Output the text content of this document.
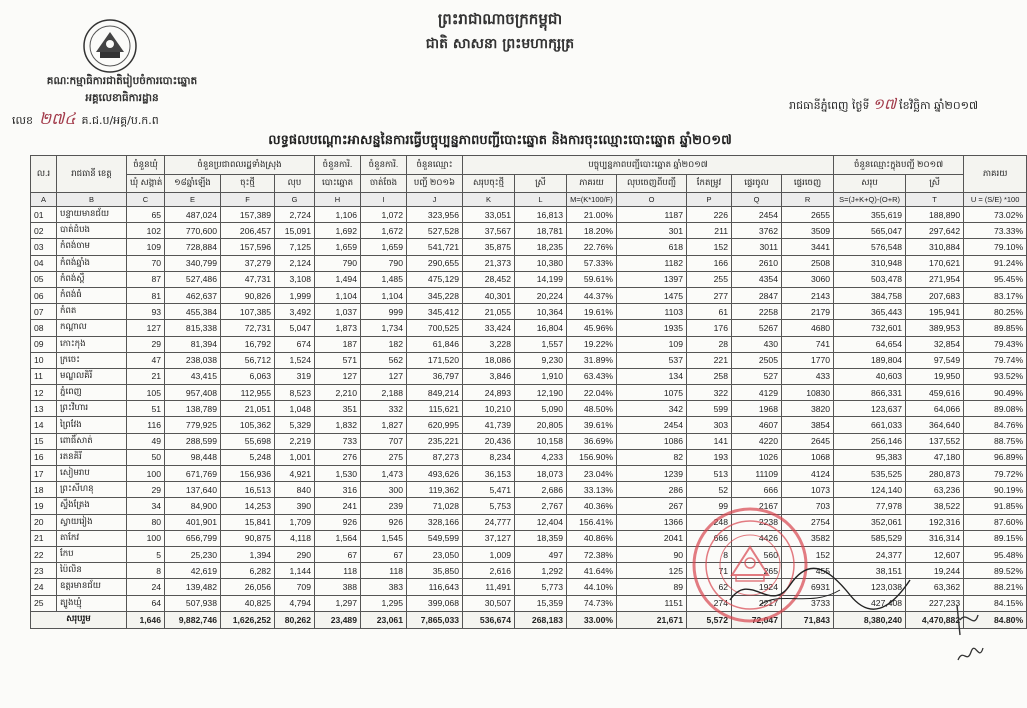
ព្រះរាជាណាចក្រកម្ពុជា
ជាតិ សាសនា ព្រះមហាក្សត្រ
គណៈកម្មាធិការជាតិរៀបចំការបោះឆ្នោត
អគ្គលេខាធិការដ្ឋាន
លេខ ២៧៤ គ.ជ.ប/អគ្គ/ប.ក.ព
រាជធានីភ្នំពេញ ថ្ងៃទី ១៧ ខែវិច្ឆិកា ឆ្នាំ២០១៧
លទ្ធផលបណ្តោះអាសន្ននៃការធ្វើបច្ចុប្បន្នភាពបញ្ជីបោះឆ្នោត និងការចុះឈ្មោះបោះឆ្នោត ឆ្នាំ២០១៧
ល.រ	រាជធានី ខេត្ត	ចំនួនឃុំ	ចំនួនប្រជាពលរដ្ឋទាំងស្រុង			ចំនួនការិ.	ចំនួនការិ.	ចំនួនឈ្មោះ	បច្ចុប្បន្នភាពបញ្ជីបោះឆ្នោត ឆ្នាំ២០១៧							ចំនួនឈ្មោះក្នុងបញ្ជី ២០១៧		ភាគរយ
		ឃុំ សង្កាត់	១៨ឆ្នាំឡើង	ចុះថ្មី	លុប	បោះឆ្នោត	ចាត់ចែង	បញ្ជី ២០១៦	សរុបចុះថ្មី	ស្រី	ភាគរយ	លុបចេញពីបញ្ជី	កែតម្រូវ	ផ្ទេរចូល	ផ្ទេរចេញ	សរុប	ស្រី	
A	B	C	E	F	G	H	I	J	K	L	M=(K*100/F)	O	P	Q	R	S=(J+K+Q)-(O+R)	T	U = (S/E) *100
01	បន្ទាយមានជ័យ	65	487,024	157,389	2,724	1,106	1,072	323,956	33,051	16,813	21.00%	1187	226	2454	2655	355,619	188,890	73.02%
02	បាត់ដំបង	102	770,600	206,457	15,091	1,692	1,672	527,528	37,567	18,781	18.20%	301	211	3762	3509	565,047	297,642	73.33%
03	កំពង់ចាម	109	728,884	157,596	7,125	1,659	1,659	541,721	35,875	18,235	22.76%	618	152	3011	3441	576,548	310,884	79.10%
04	កំពង់ឆ្នាំង	70	340,799	37,279	2,124	790	790	290,655	21,373	10,380	57.33%	1182	166	2610	2508	310,948	170,621	91.24%
05	កំពង់ស្ពឺ	87	527,486	47,731	3,108	1,494	1,485	475,129	28,452	14,199	59.61%	1397	255	4354	3060	503,478	271,954	95.45%
06	កំពង់ធំ	81	462,637	90,826	1,999	1,104	1,104	345,228	40,301	20,224	44.37%	1475	277	2847	2143	384,758	207,683	83.17%
07	កំពត	93	455,384	107,385	3,492	1,037	999	345,412	21,055	10,364	19.61%	1103	61	2258	2179	365,443	195,941	80.25%
08	កណ្តាល	127	815,338	72,731	5,047	1,873	1,734	700,525	33,424	16,804	45.96%	1935	176	5267	4680	732,601	389,953	89.85%
09	កោះកុង	29	81,394	16,792	674	187	182	61,846	3,228	1,557	19.22%	109	28	430	741	64,654	32,854	79.43%
10	ក្រចេះ	47	238,038	56,712	1,524	571	562	171,520	18,086	9,230	31.89%	537	221	2505	1770	189,804	97,549	79.74%
11	មណ្ឌលគិរី	21	43,415	6,063	319	127	127	36,797	3,846	1,910	63.43%	134	258	527	433	40,603	19,950	93.52%
12	ភ្នំពេញ	105	957,408	112,955	8,523	2,210	2,188	849,214	24,893	12,190	22.04%	1075	322	4129	10830	866,331	459,616	90.49%
13	ព្រះវិហារ	51	138,789	21,051	1,048	351	332	115,621	10,210	5,090	48.50%	342	599	1968	3820	123,637	64,066	89.08%
14	ព្រៃវែង	116	779,925	105,362	5,329	1,832	1,827	620,995	41,739	20,805	39.61%	2454	303	4607	3854	661,033	364,640	84.76%
15	ពោធិ៍សាត់	49	288,599	55,698	2,219	733	707	235,221	20,436	10,158	36.69%	1086	141	4220	2645	256,146	137,552	88.75%
16	រតនគិរី	50	98,448	5,248	1,001	276	275	87,273	8,234	4,233	156.90%	82	193	1026	1068	95,383	47,180	96.89%
17	សៀមរាប	100	671,769	156,936	4,921	1,530	1,473	493,626	36,153	18,073	23.04%	1239	513	11109	4124	535,525	280,873	79.72%
18	ព្រះសីហនុ	29	137,640	16,513	840	316	300	119,362	5,471	2,686	33.13%	286	52	666	1073	124,140	63,236	90.19%
19	ស្ទឹងត្រែង	34	84,900	14,253	390	241	239	71,028	5,753	2,767	40.36%	267	99	2167	703	77,978	38,522	91.85%
20	ស្វាយរៀង	80	401,901	15,841	1,709	926	926	328,166	24,777	12,404	156.41%	1366	248	2238	2754	352,061	192,316	87.60%
21	តាកែវ	100	656,799	90,875	4,118	1,564	1,545	549,599	37,127	18,359	40.86%	2041	666	4426	3582	585,529	316,314	89.15%
22	កែប	5	25,230	1,394	290	67	67	23,050	1,009	497	72.38%	90	8	560	152	24,377	12,607	95.48%
23	ប៉ៃលិន	8	42,619	6,282	1,144	118	118	35,850	2,616	1,292	41.64%	125	71	265	455	38,151	19,244	89.52%
24	ឧត្តរមានជ័យ	24	139,482	26,056	709	388	383	116,643	11,491	5,773	44.10%	89	62	1924	6931	123,038	63,362	88.21%
25	ត្បូងឃ្មុំ	64	507,938	40,825	4,794	1,297	1,295	399,068	30,507	15,359	74.73%	1151	274	2217	3733	427,408	227,233	84.15%
សរុបរួម		1,646	9,882,746	1,626,252	80,262	23,489	23,061	7,865,033	536,674	268,183	33.00%	21,671	5,572	72,047	71,843	8,380,240	4,470,882	84.80%
